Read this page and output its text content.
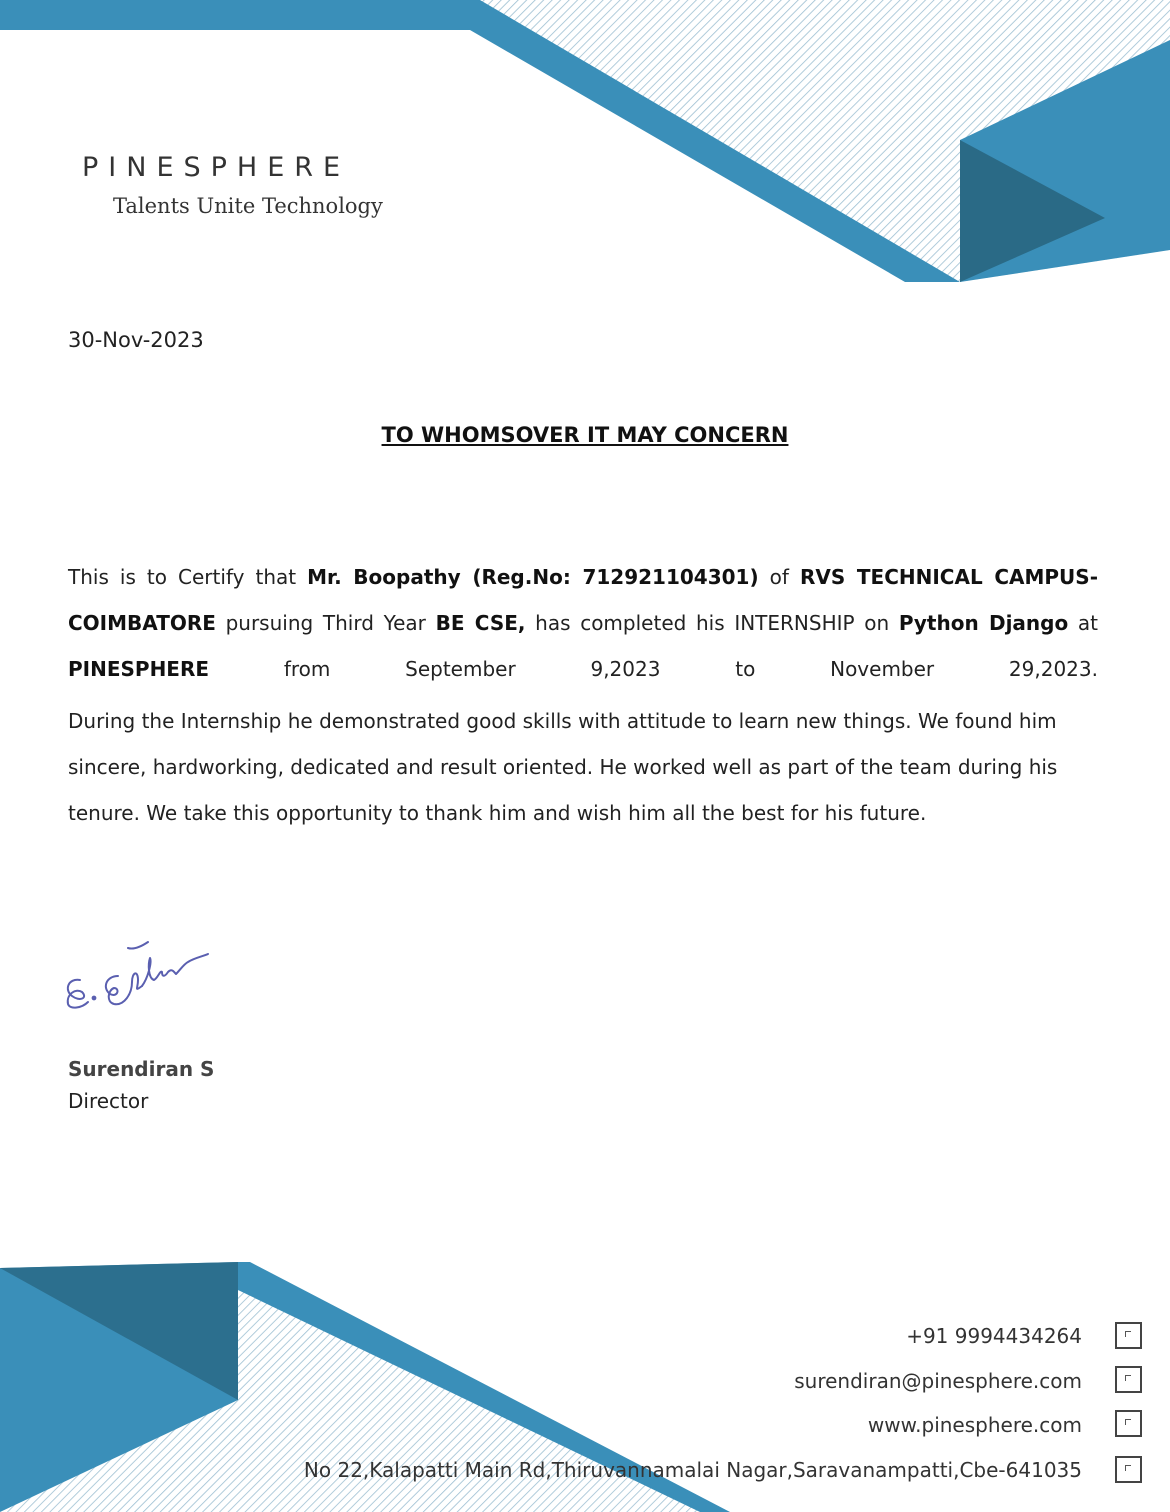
PINESPHERE
Talents Unite Technology
30-Nov-2023
TO WHOMSOVER IT MAY CONCERN

This is to Certify that Mr. Boopathy (Reg.No: 712921104301) of RVS TECHNICAL CAMPUS-COIMBATORE pursuing Third Year BE CSE, has completed his INTERNSHIP on Python Django at PINESPHERE from September 9,2023 to November 29,2023.

During the Internship he demonstrated good skills with attitude to learn new things. We found him sincere, hardworking, dedicated and result oriented. He worked well as part of the team during his tenure. We take this opportunity to thank him and wish him all the best for his future.

Surendiran S
Director
+91 9994434264
surendiran@pinesphere.com
www.pinesphere.com
No 22,Kalapatti Main Rd,Thiruvannamalai Nagar,Saravanampatti,Cbe-641035
